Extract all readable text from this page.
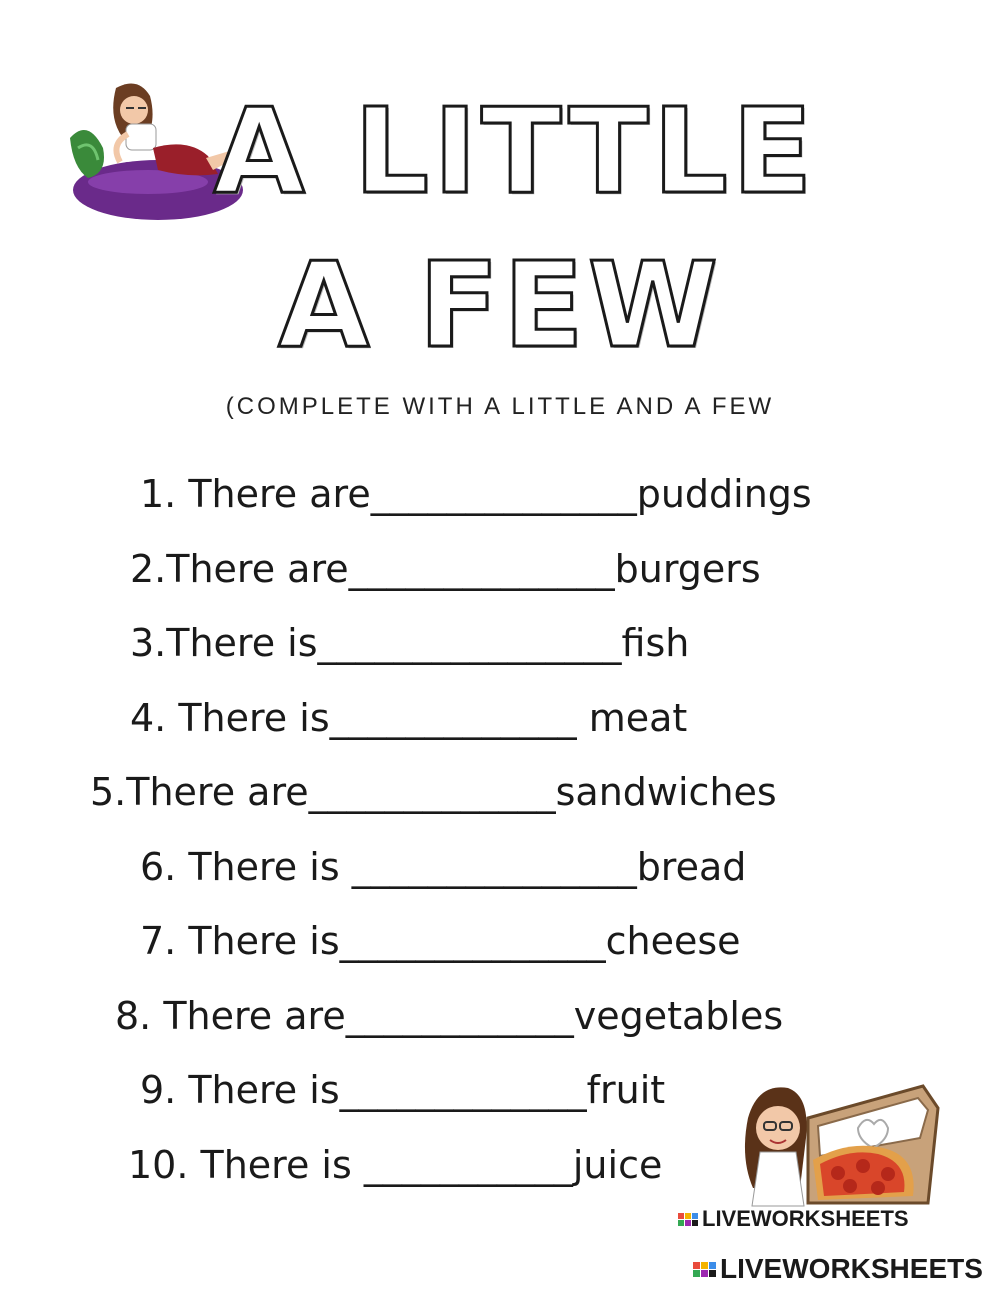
A LITTLE
A FEW
(COMPLETE WITH A LITTLE AND A FEW
1. There are______________puddings
2.There are______________burgers
3.There is________________fish
4. There is_____________ meat
5.There are_____________sandwiches
6. There is _______________bread
7. There is______________cheese
8. There are____________vegetables
9. There is_____________fruit
10. There is ___________juice
LIVEWORKSHEETS
LIVEWORKSHEETS
